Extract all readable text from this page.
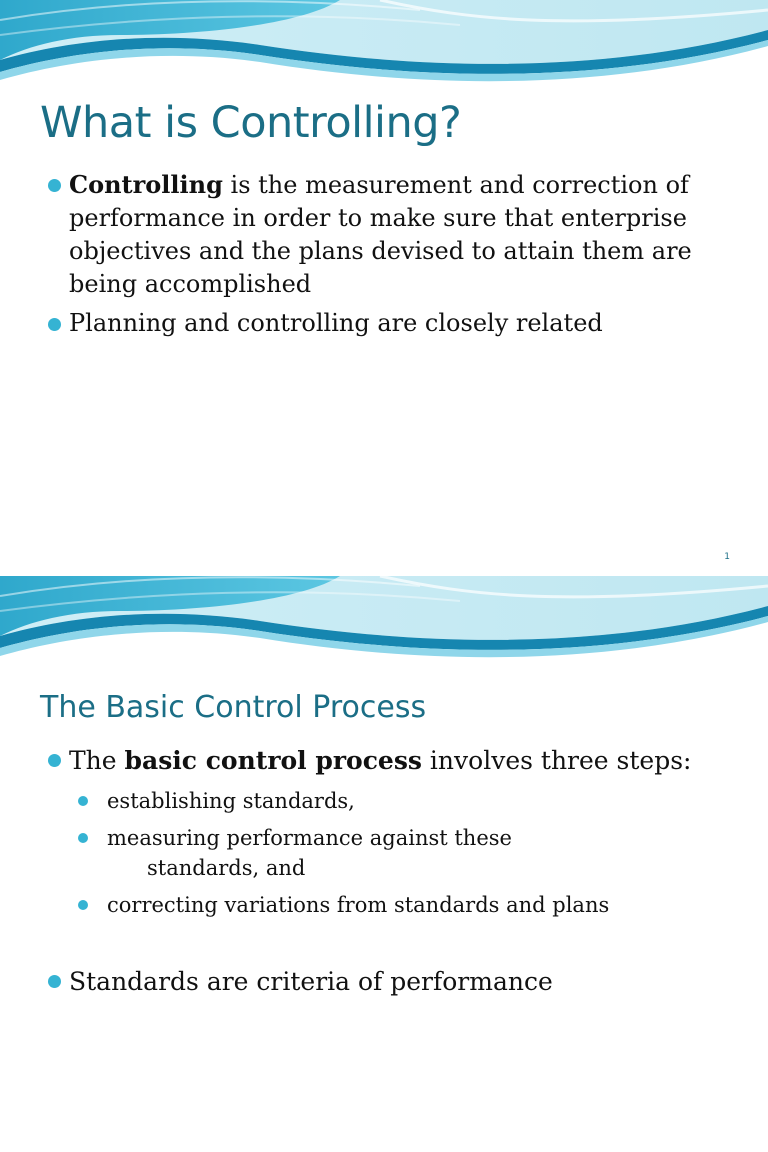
What is Controlling?
Controlling is the measurement and correction of performance in order to make sure that enterprise objectives and the plans devised to attain them are being accomplished
Planning and controlling are closely related
1
The Basic Control Process
The basic control process involves three steps:
establishing standards,
measuring performance against these
standards, and
correcting variations from standards and plans
Standards are criteria of performance
